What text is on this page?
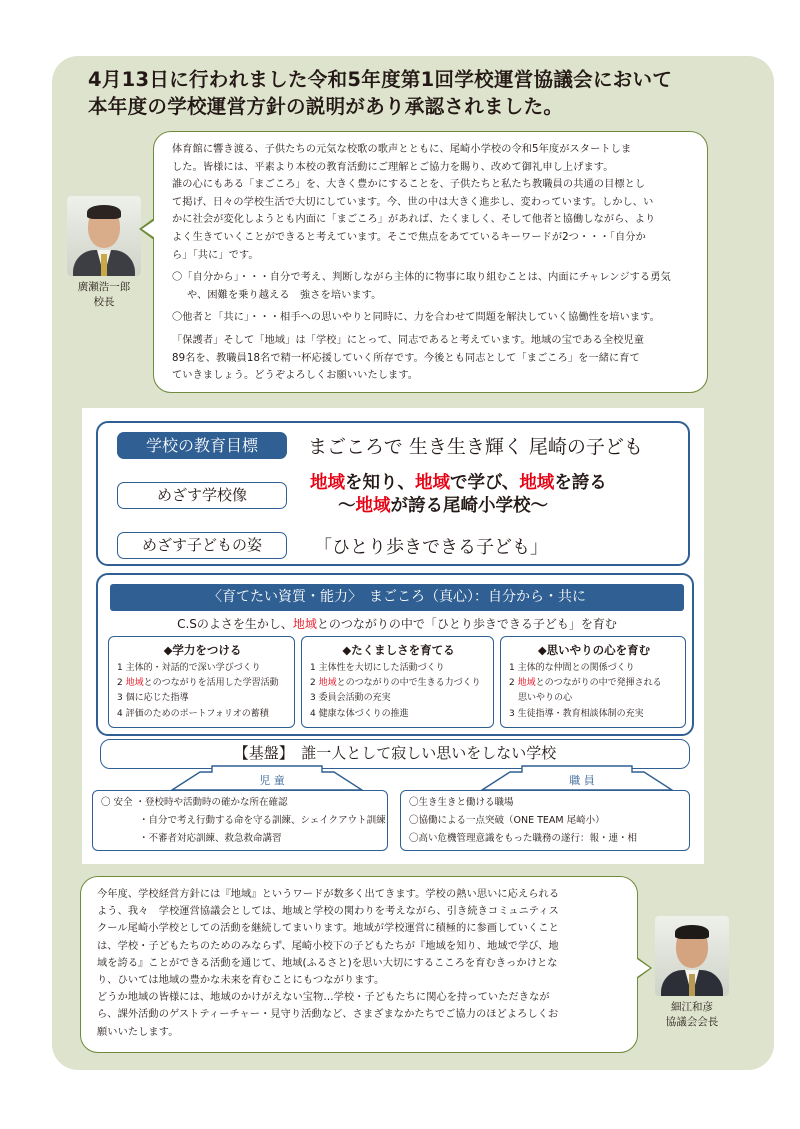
4月13日に行われました令和5年度第1回学校運営協議会において
本年度の学校運営方針の説明があり承認されました。
廣瀬浩一郎
校長

体育館に響き渡る、子供たちの元気な校歌の歌声とともに、尾崎小学校の令和5年度がスタートしま

した。皆様には、平素より本校の教育活動にご理解とご協力を賜り、改めて御礼申し上げます。

誰の心にもある「まごころ」を、大きく豊かにすることを、子供たちと私たち教職員の共通の目標とし

て掲げ、日々の学校生活で大切にしています。今、世の中は大きく進歩し、変わっています。しかし、い

かに社会が変化しようとも内面に「まごころ」があれば、たくましく、そして他者と協働しながら、より

よく生きていくことができると考えています。そこで焦点をあてているキーワードが2つ・・・「自分か

ら」「共に」です。

〇「自分から」・・・自分で考え、判断しながら主体的に物事に取り組むことは、内面にチャレンジする勇気

や、困難を乗り越える　強さを培います。

〇他者と「共に」・・・相手への思いやりと同時に、力を合わせて問題を解決していく協働性を培います。

「保護者」そして「地域」は「学校」にとって、同志であると考えています。地域の宝である全校児童

89名を、教職員18名で精一杯応援していく所存です。今後とも同志として「まごころ」を一緒に育て

ていきましょう。どうぞよろしくお願いいたします。

学校の教育目標	まごころで 生き生き輝く 尾崎の子ども
めざす学校像
地域を知り、地域で学び、地域を誇る
～地域が誇る尾崎小学校～
めざす子どもの姿	「ひとり歩きできる子ども」
〈育てたい資質・能力〉　まごころ（真心）：自分から・共に
C.Sのよさを生かし、地域とのつながりの中で「ひとり歩きできる子ども」を育む
◆学力をつける
1 主体的・対話的で深い学びづくり
2 地域とのつながりを活用した学習活動
3 個に応じた指導
4 評価のためのポートフォリオの蓄積
◆たくましさを育てる
1 主体性を大切にした活動づくり
2 地域とのつながりの中で生きる力づくり
3 委員会活動の充実
4 健康な体づくりの推進
◆思いやりの心を育む
1 主体的な仲間との関係づくり
2 地域とのつながりの中で発揮される
　思いやりの心
3 生徒指導・教育相談体制の充実
【基盤】　誰一人として寂しい思いをしない学校
児 童	職 員
〇 安全 ・登校時や活動時の確かな所在確認
　　　　・自分で考え行動する命を守る訓練、シェイクアウト訓練
　　　　・不審者対応訓練、救急救命講習
〇生き生きと働ける職場
〇協働による一点突破（ONE TEAM 尾崎小）
〇高い危機管理意識をもった職務の遂行：報・連・相

今年度、学校経営方針には『地域』というワードが数多く出てきます。学校の熱い思いに応えられる

よう、我々　学校運営協議会としては、地域と学校の関わりを考えながら、引き続きコミュニティス

クール尾崎小学校としての活動を継続してまいります。地域が学校運営に積極的に参画していくこと

は、学校・子どもたちのためのみならず、尾崎小校下の子どもたちが『地域を知り、地域で学び、地

域を誇る』ことができる活動を通じて、地域(ふるさと)を思い大切にするこころを育むきっかけとな

り、ひいては地域の豊かな未来を育むことにもつながります。

どうか地域の皆様には、地域のかけがえない宝物…学校・子どもたちに関心を持っていただきなが

ら、課外活動のゲストティーチャー・見守り活動など、さまざまなかたちでご協力のほどよろしくお

願いいたします。

細江和彦
協議会会長
